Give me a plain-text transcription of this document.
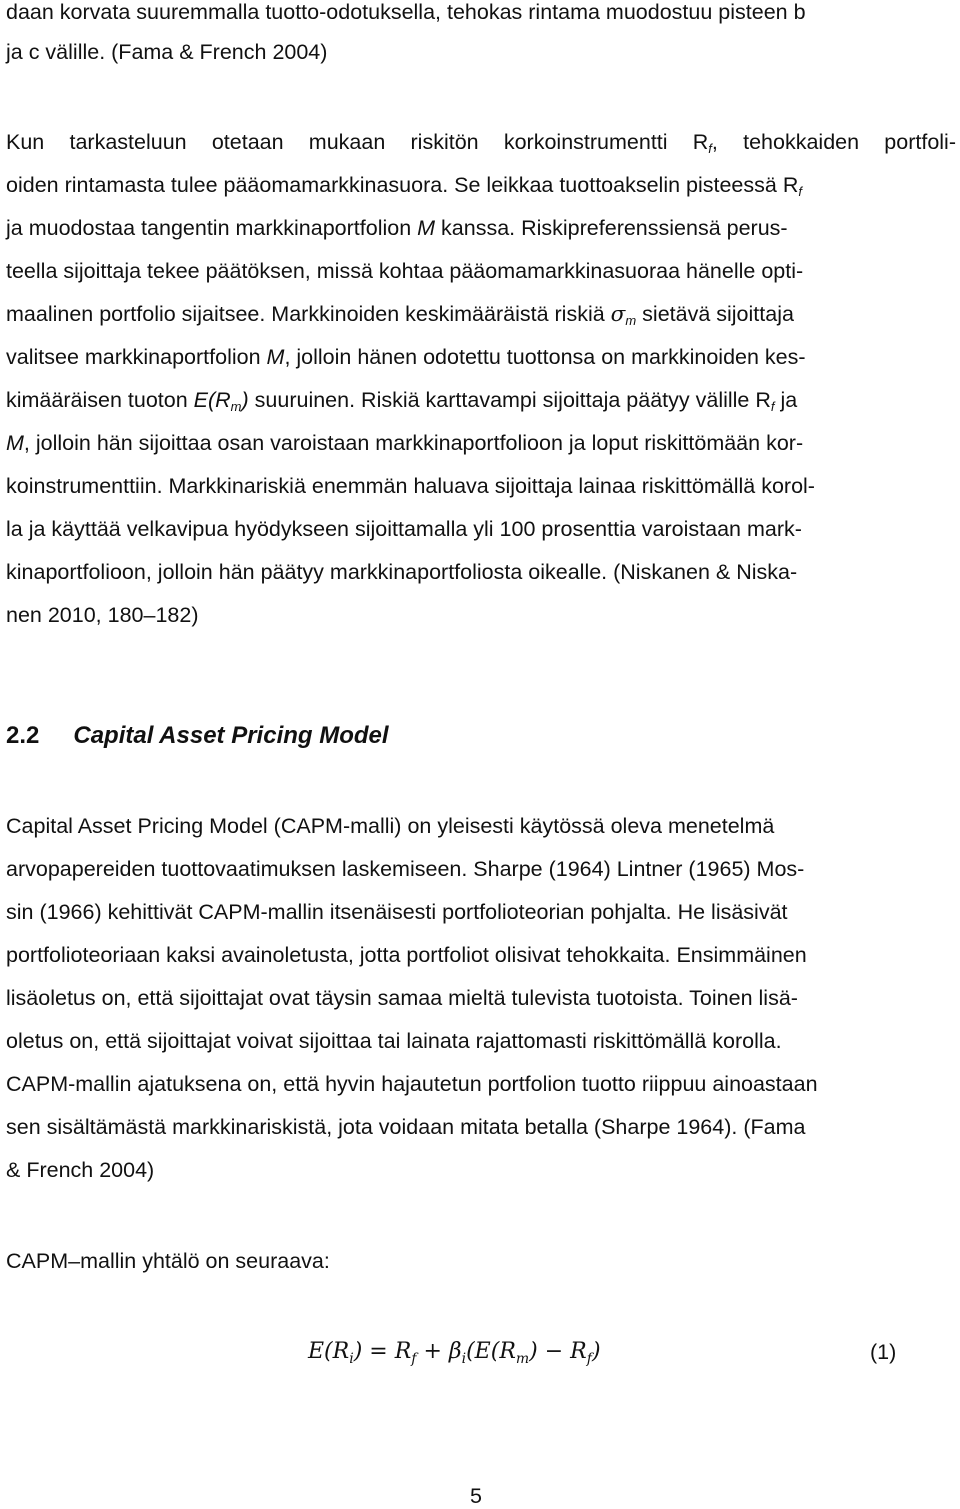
daan korvata suuremmalla tuotto-odotuksella, tehokas rintama muodostuu pisteen b
ja c välille. (Fama & French 2004)
Kun tarkasteluun otetaan mukaan riskitön korkoinstrumentti $R_f$, tehokkaiden portfoli-
oiden rintamasta tulee pääomamarkkinasuora. Se leikkaa tuottoakselin pisteessä $R_f$
ja muodostaa tangentin markkinaportfolion M kanssa. Riskipreferenssiensä perus-
teella sijoittaja tekee päätöksen, missä kohtaa pääomamarkkinasuoraa hänelle opti-
maalinen portfolio sijaitsee. Markkinoiden keskimääräistä riskiä $\sigma_m$ sietävä sijoittaja
valitsee markkinaportfolion M, jolloin hänen odotettu tuottonsa on markkinoiden kes-
kimääräisen tuoton $E(R_m)$ suuruinen. Riskiä karttavampi sijoittaja päätyy välille $R_f$ ja
M, jolloin hän sijoittaa osan varoistaan markkinaportfolioon ja loput riskittömään kor-
koinstrumenttiin. Markkinariskiä enemmän haluava sijoittaja lainaa riskittömällä korol-
la ja käyttää velkavipua hyödykseen sijoittamalla yli 100 prosenttia varoistaan mark-
kinaportfolioon, jolloin hän päätyy markkinaportfoliosta oikealle. (Niskanen & Niska-
nen 2010, 180‒182)
2.2 Capital Asset Pricing Model
Capital Asset Pricing Model (CAPM-malli) on yleisesti käytössä oleva menetelmä
arvopapereiden tuottovaatimuksen laskemiseen. Sharpe (1964) Lintner (1965) Mos-
sin (1966) kehittivät CAPM-mallin itsenäisesti portfolioteorian pohjalta. He lisäsivät
portfolioteoriaan kaksi avainoletusta, jotta portfoliot olisivat tehokkaita. Ensimmäinen
lisäoletus on, että sijoittajat ovat täysin samaa mieltä tulevista tuotoista. Toinen lisä-
oletus on, että sijoittajat voivat sijoittaa tai lainata rajattomasti riskittömällä korolla.
CAPM-mallin ajatuksena on, että hyvin hajautetun portfolion tuotto riippuu ainoastaan
sen sisältämästä markkinariskistä, jota voidaan mitata betalla (Sharpe 1964). (Fama
& French 2004)
CAPM‒mallin yhtälö on seuraava:
$E(R_i) = R_f + \beta_i(E(R_m) - R_f)$	(1)
5
